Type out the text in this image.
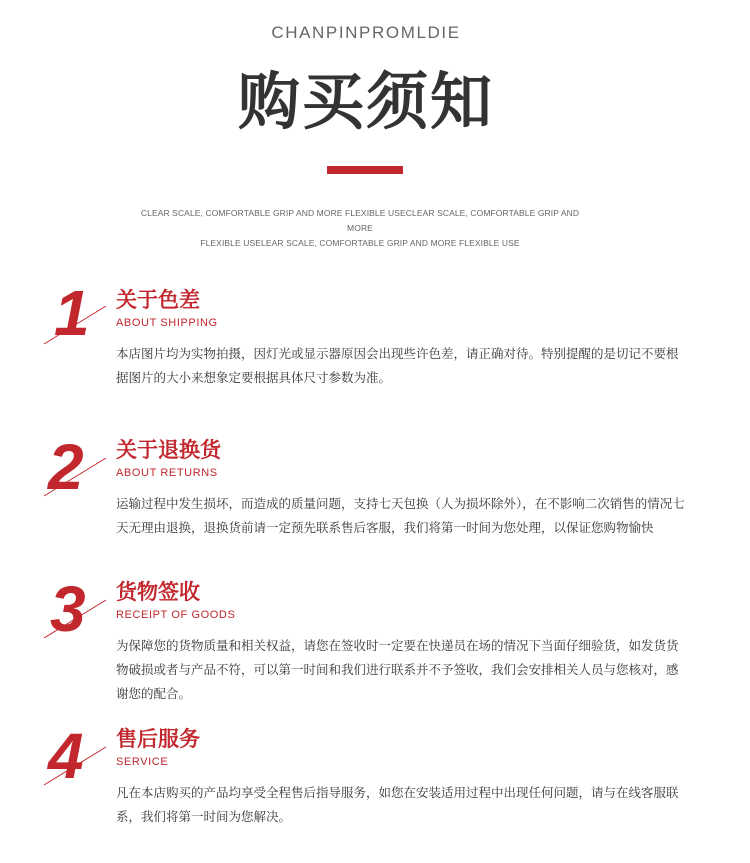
CHANPINPROMLDIE
购买须知
CLEAR SCALE, COMFORTABLE GRIP AND MORE FLEXIBLE USECLEAR SCALE, COMFORTABLE GRIP AND MORE
FLEXIBLE USELEAR SCALE, COMFORTABLE GRIP AND MORE FLEXIBLE USE
1 关于色差
ABOUT SHIPPING
本店图片均为实物拍摄，因灯光或显示器原因会出现些许色差，请正确对待。特别提醒的是切记不要根据图片的大小来想象定要根据具体尺寸参数为准。
2 关于退换货
ABOUT RETURNS
运输过程中发生损坏，而造成的质量问题，支持七天包换（人为损坏除外），在不影响二次销售的情况七天无理由退换，退换货前请一定预先联系售后客服，我们将第一时间为您处理，以保证您购物愉快
3 货物签收
RECEIPT OF GOODS
为保障您的货物质量和相关权益，请您在签收时一定要在快递员在场的情况下当面仔细验货，如发货货物破损或者与产品不符，可以第一时间和我们进行联系并不予签收，我们会安排相关人员与您核对，感谢您的配合。
4 售后服务
SERVICE
凡在本店购买的产品均享受全程售后指导服务，如您在安装适用过程中出现任何问题，请与在线客服联系，我们将第一时间为您解决。
